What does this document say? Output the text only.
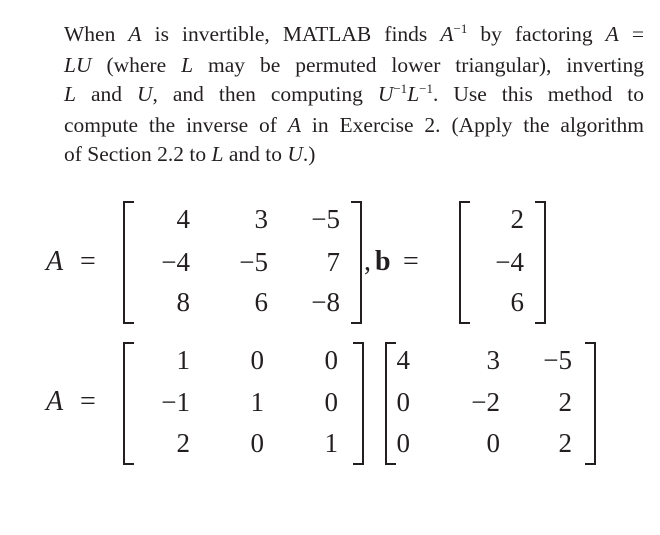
When A is invertible, MATLAB finds $A^{-1}$ by factoring A =
LU (where L may be permuted lower triangular), inverting
L and U, and then computing $U^{-1}L^{-1}$. Use this method to
compute the inverse of A in Exercise 2. (Apply the algorithm
of Section 2.2 to L and to U.)
A =
4	3	−5
−4	−5	7
8	6	−8
, b =
2
−4
6
A =
1	0	0
−1	1	0
2	0	1
4	3	−5
0	−2	2
0	0	2
